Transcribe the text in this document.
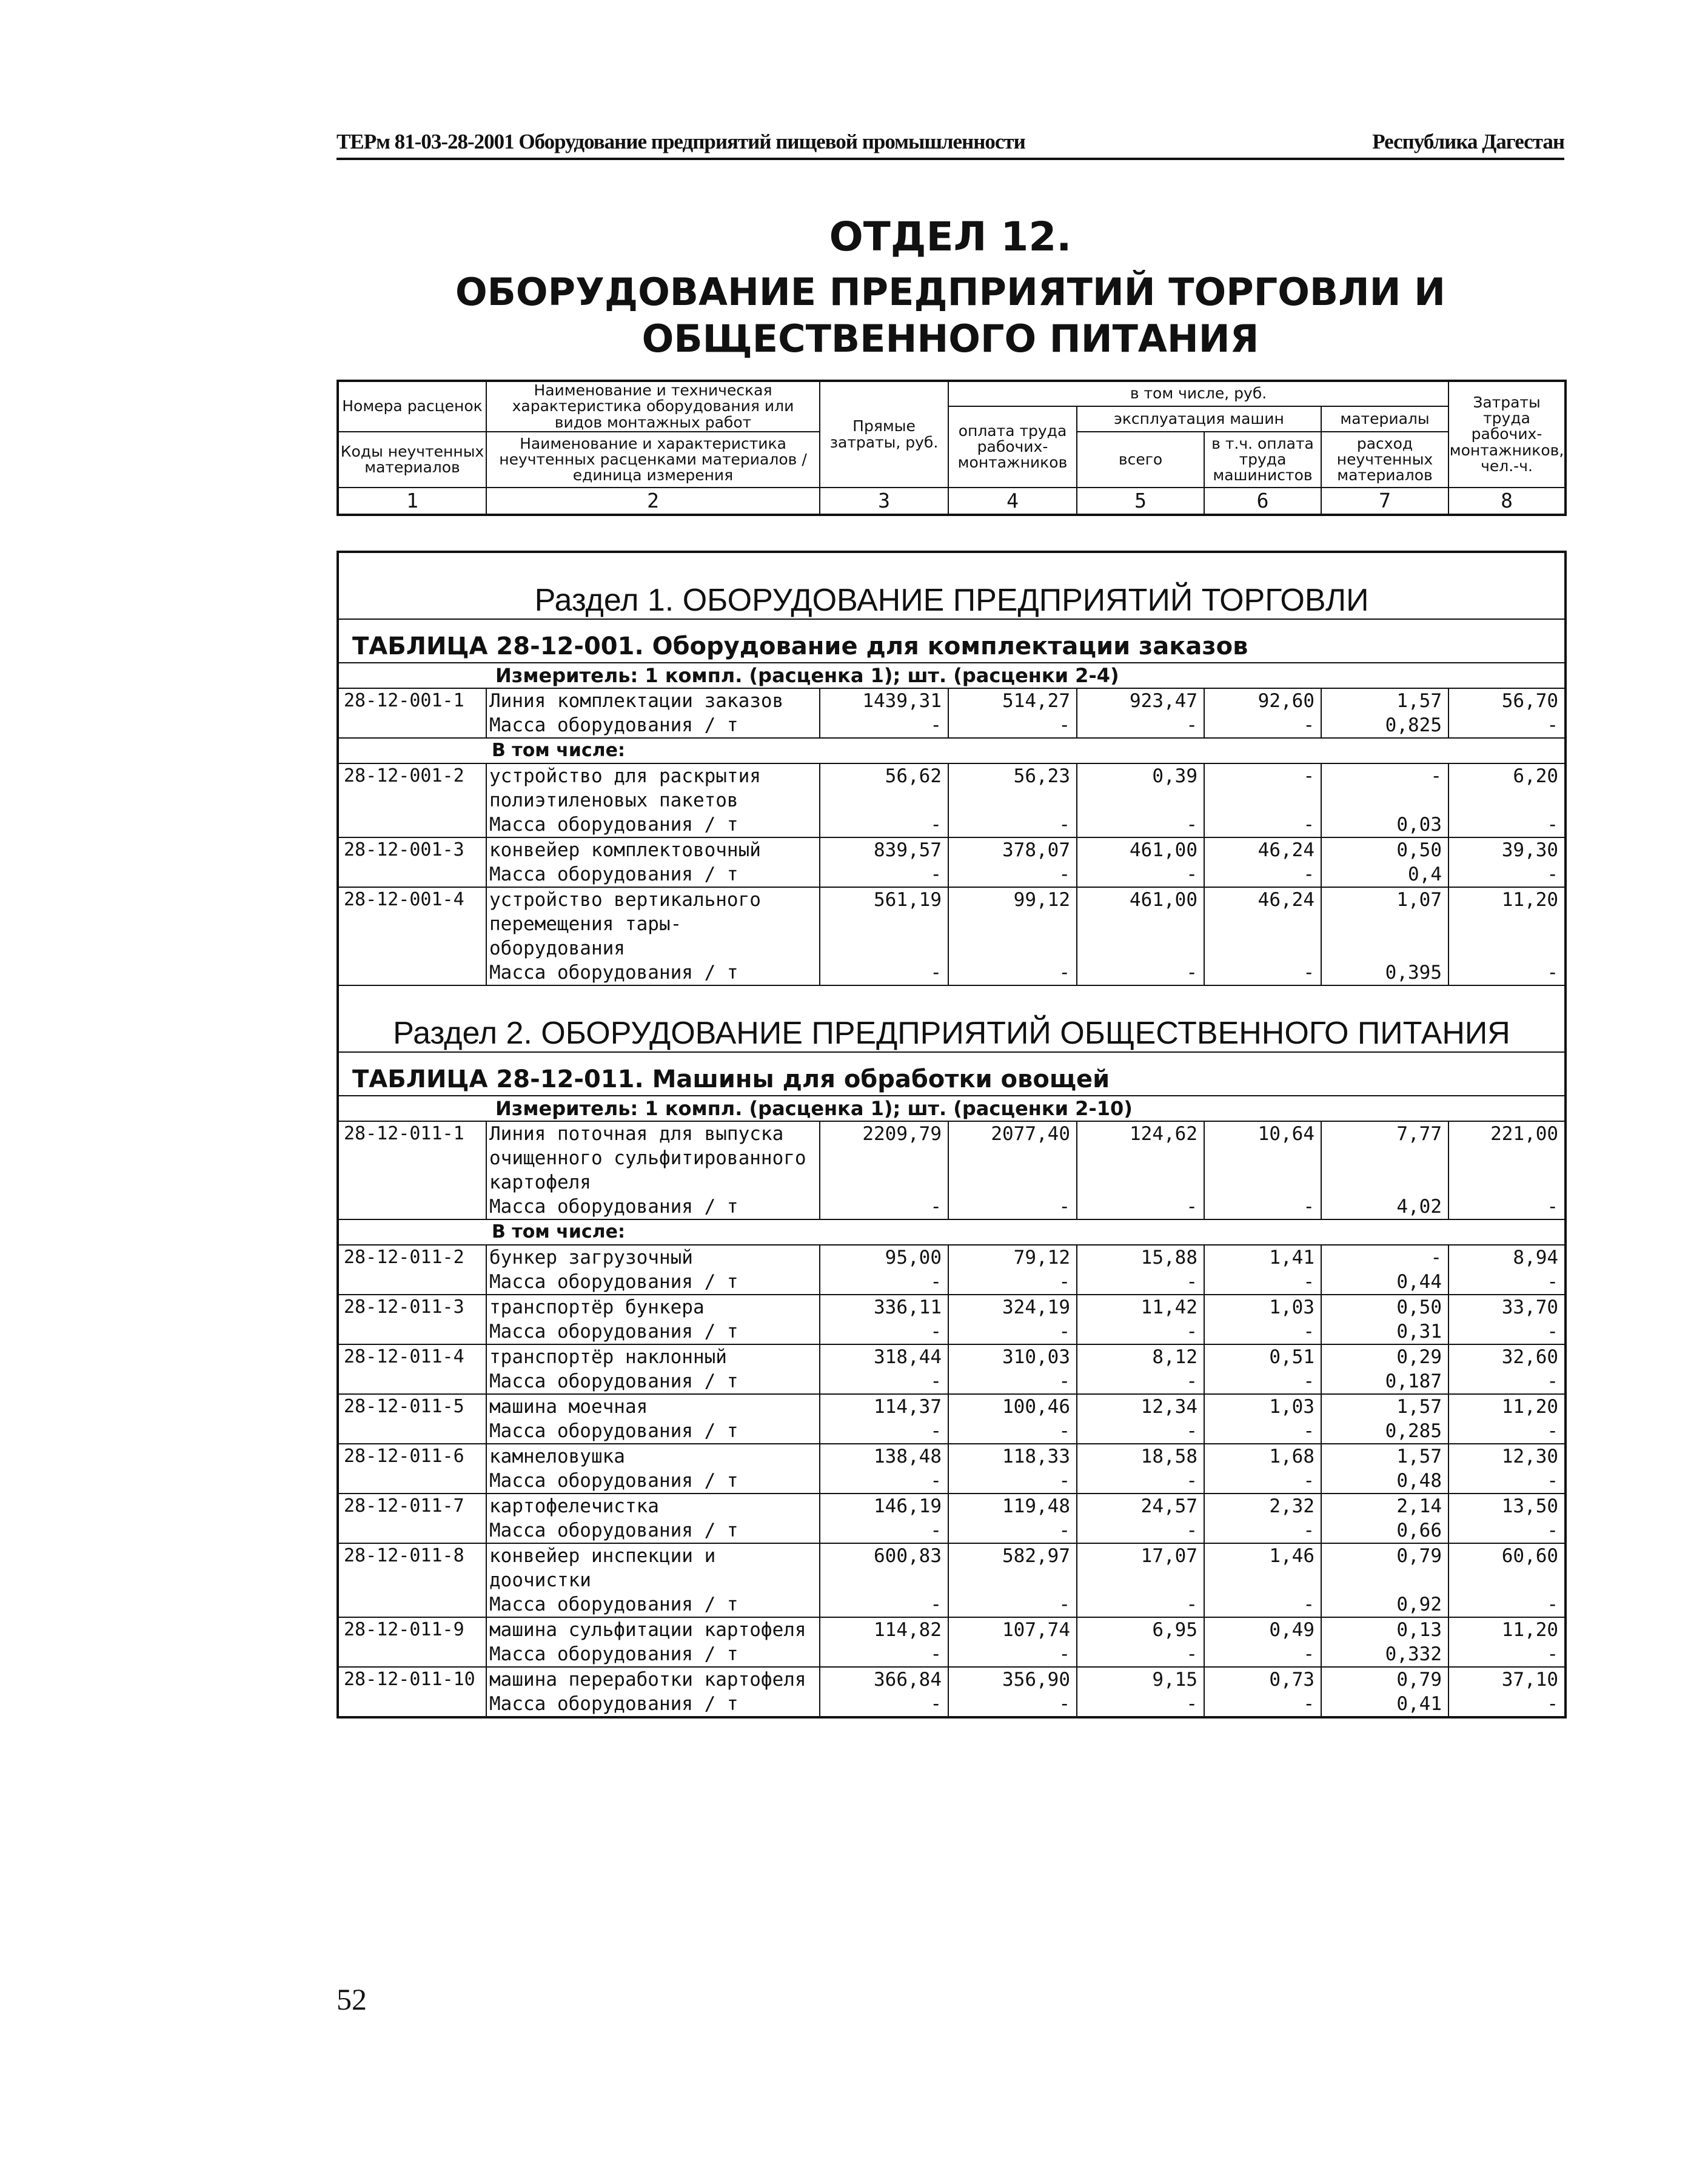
ТЕРм 81-03-28-2001 Оборудование предприятий пищевой промышленности	Республика Дагестан
ОТДЕЛ 12.
ОБОРУДОВАНИЕ ПРЕДПРИЯТИЙ ТОРГОВЛИ И
ОБЩЕСТВЕННОГО ПИТАНИЯ
Номера расценок	Наименование и техническая характеристика оборудования или видов монтажных работ	Прямые затраты, руб.	в том числе, руб.				Затраты труда рабочих-монтажников, чел.-ч.
			оплата труда рабочих-монтажников	эксплуатация машин		материалы	
Коды неучтенных материалов	Наименование и характеристика неучтенных расценками материалов / единица измерения			всего	в т.ч. оплата труда машинистов	расход неучтенных материалов	

1	2	3	4	5	6	7	8
Раздел 1. ОБОРУДОВАНИЕ ПРЕДПРИЯТИЙ ТОРГОВЛИ							
ТАБЛИЦА 28-12-001. Оборудование для комплектации заказов							
Измеритель: 1 компл. (расценка 1); шт. (расценки 2-4)							
28-12-001-1	Линия комплектации заказов	1439,31	514,27	923,47	92,60	1,57	56,70
	Масса оборудования / т	-	-	-	-	0,825	-
В том числе:							
28-12-001-2	устройство для раскрытия полиэтиленовых пакетов	56,62	56,23	0,39	-	-	6,20
	Масса оборудования / т	-	-	-	-	0,03	-
28-12-001-3	конвейер комплектовочный	839,57	378,07	461,00	46,24	0,50	39,30
	Масса оборудования / т	-	-	-	-	0,4	-
28-12-001-4	устройство вертикального перемещения тары-оборудования	561,19	99,12	461,00	46,24	1,07	11,20
	Масса оборудования / т	-	-	-	-	0,395	-
Раздел 2. ОБОРУДОВАНИЕ ПРЕДПРИЯТИЙ ОБЩЕСТВЕННОГО ПИТАНИЯ							
ТАБЛИЦА 28-12-011. Машины для обработки овощей							
Измеритель: 1 компл. (расценка 1); шт. (расценки 2-10)							
28-12-011-1	Линия поточная для выпуска очищенного сульфитированного картофеля	2209,79	2077,40	124,62	10,64	7,77	221,00
	Масса оборудования / т	-	-	-	-	4,02	-
В том числе:							
28-12-011-2	бункер загрузочный	95,00	79,12	15,88	1,41	-	8,94
	Масса оборудования / т	-	-	-	-	0,44	-
28-12-011-3	транспортёр бункера	336,11	324,19	11,42	1,03	0,50	33,70
	Масса оборудования / т	-	-	-	-	0,31	-
28-12-011-4	транспортёр наклонный	318,44	310,03	8,12	0,51	0,29	32,60
	Масса оборудования / т	-	-	-	-	0,187	-
28-12-011-5	машина моечная	114,37	100,46	12,34	1,03	1,57	11,20
	Масса оборудования / т	-	-	-	-	0,285	-
28-12-011-6	камнеловушка	138,48	118,33	18,58	1,68	1,57	12,30
	Масса оборудования / т	-	-	-	-	0,48	-
28-12-011-7	картофелечистка	146,19	119,48	24,57	2,32	2,14	13,50
	Масса оборудования / т	-	-	-	-	0,66	-
28-12-011-8	конвейер инспекции и доочистки	600,83	582,97	17,07	1,46	0,79	60,60
	Масса оборудования / т	-	-	-	-	0,92	-
28-12-011-9	машина сульфитации картофеля	114,82	107,74	6,95	0,49	0,13	11,20
	Масса оборудования / т	-	-	-	-	0,332	-
28-12-011-10	машина переработки картофеля	366,84	356,90	9,15	0,73	0,79	37,10
	Масса оборудования / т	-	-	-	-	0,41	-
52
